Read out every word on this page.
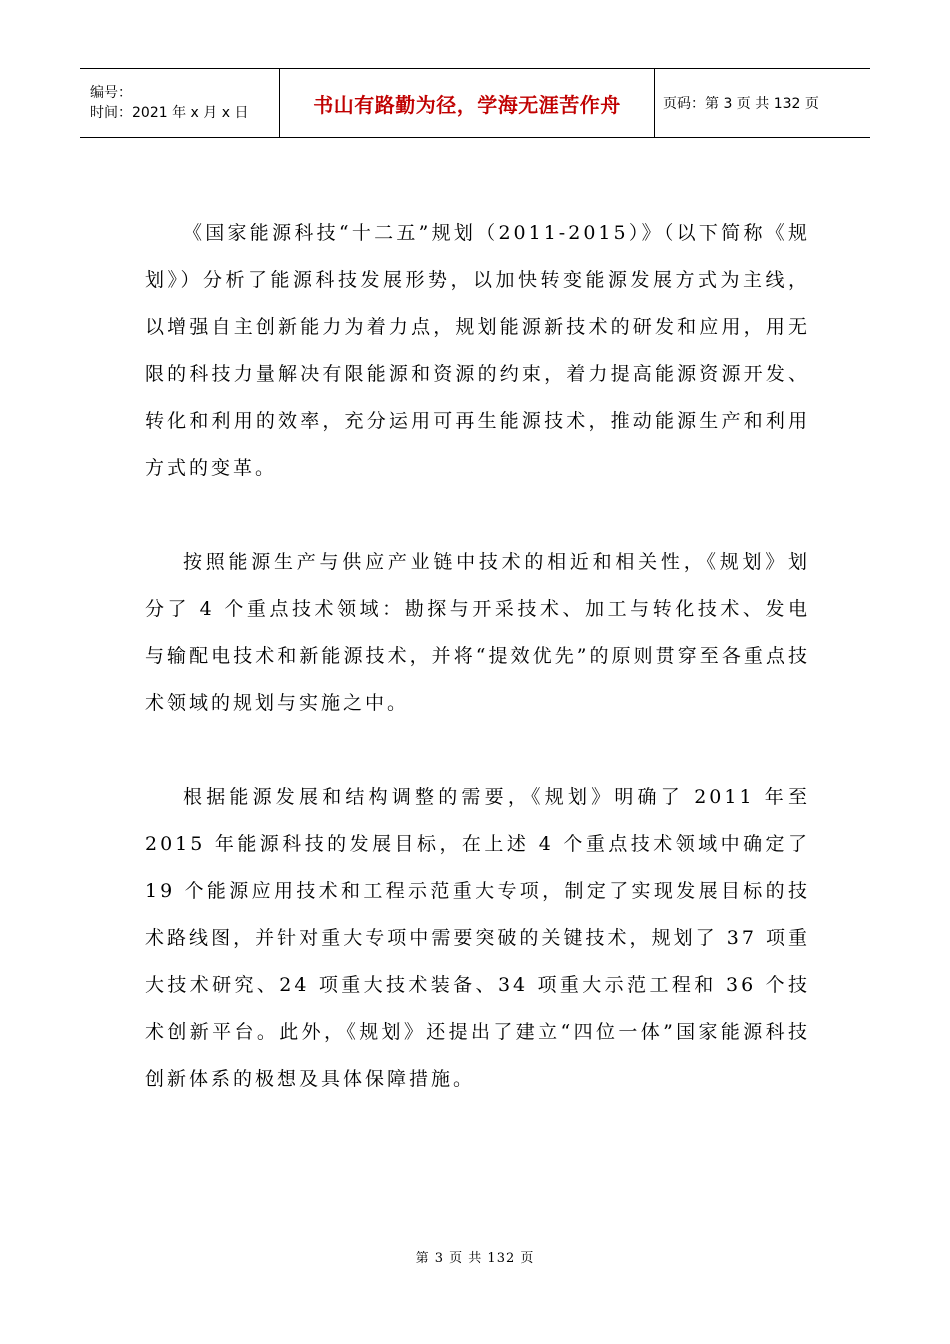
编号：
时间：2021 年 x 月 x 日	书山有路勤为径，学海无涯苦作舟	页码：第 3 页 共 132 页

《国家能源科技“十二五”规划（2011-2015）》（以下简称《规划》）分析了能源科技发展形势，以加快转变能源发展方式为主线，以增强自主创新能力为着力点，规划能源新技术的研发和应用，用无限的科技力量解决有限能源和资源的约束，着力提高能源资源开发、转化和利用的效率，充分运用可再生能源技术，推动能源生产和利用方式的变革。

按照能源生产与供应产业链中技术的相近和相关性，《规划》划分了 4 个重点技术领域：勘探与开采技术、加工与转化技术、发电与输配电技术和新能源技术，并将“提效优先”的原则贯穿至各重点技术领域的规划与实施之中。

根据能源发展和结构调整的需要，《规划》明确了 2011 年至 2015 年能源科技的发展目标，在上述 4 个重点技术领域中确定了 19 个能源应用技术和工程示范重大专项，制定了实现发展目标的技术路线图，并针对重大专项中需要突破的关键技术，规划了 37 项重大技术研究、24 项重大技术装备、34 项重大示范工程和 36 个技术创新平台。此外，《规划》还提出了建立“四位一体”国家能源科技创新体系的极想及具体保障措施。

第 3 页 共 132 页
